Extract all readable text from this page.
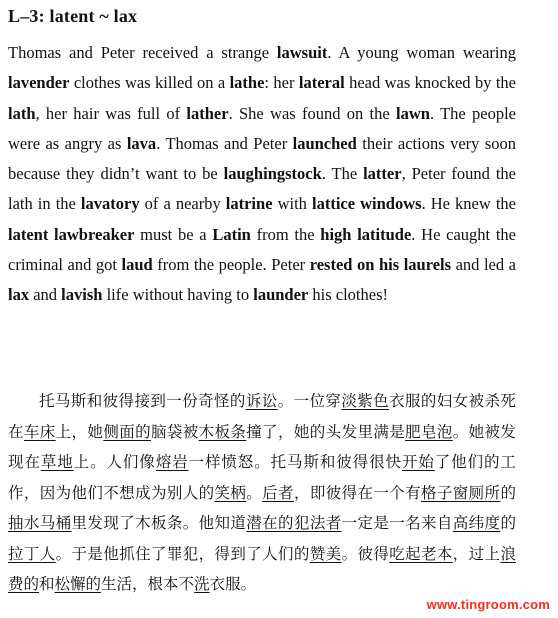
L–3: latent ~ lax

Thomas and Peter received a strange lawsuit. A young woman wearing lavender clothes was killed on a lathe: her lateral head was knocked by the lath, her hair was full of lather. She was found on the lawn. The people were as angry as lava. Thomas and Peter launched their actions very soon because they didn’t want to be laughingstock. The latter, Peter found the lath in the lavatory of a nearby latrine with lattice windows. He knew the latent lawbreaker must be a Latin from the high latitude. He caught the criminal and got laud from the people. Peter rested on his laurels and led a lax and lavish life without having to launder his clothes!

托马斯和彼得接到一份奇怪的诉讼。一位穿淡紫色衣服的妇女被杀死在车床上，她侧面的脑袋被木板条撞了，她的头发里满是肥皂泡。她被发现在草地上。人们像熔岩一样愤怒。托马斯和彼得很快开始了他们的工作，因为他们不想成为别人的笑柄。后者，即彼得在一个有格子窗厕所的抽水马桶里发现了木板条。他知道潜在的犯法者一定是一名来自高纬度的拉丁人。于是他抓住了罪犯，得到了人们的赞美。彼得吃起老本，过上浪费的和松懈的生活，根本不洗衣服。

www.tingroom.com
